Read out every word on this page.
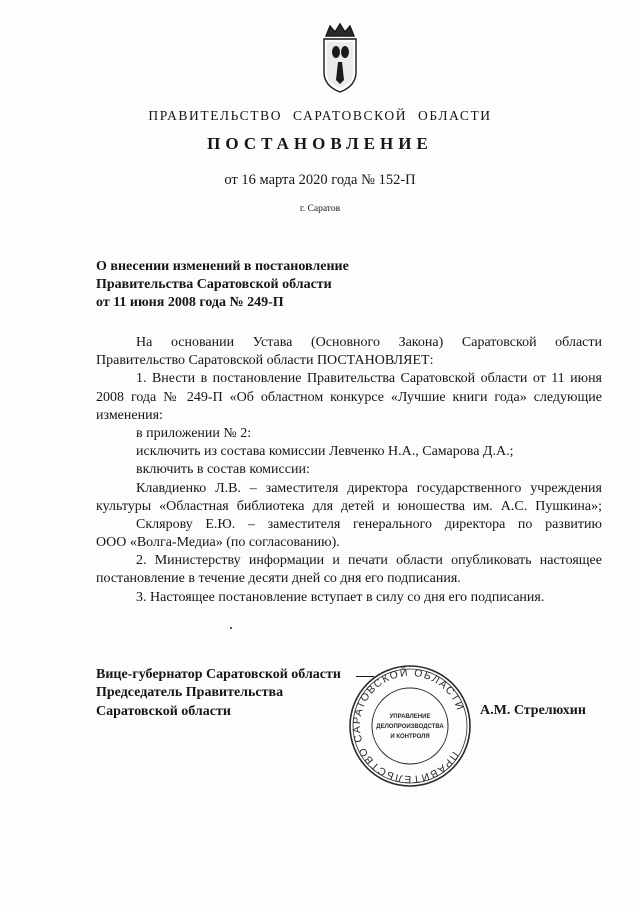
ПРАВИТЕЛЬСТВО САРАТОВСКОЙ ОБЛАСТИ
ПОСТАНОВЛЕНИЕ
от 16 марта 2020 года № 152-П
г. Саратов
О внесении изменений в постановление
Правительства Саратовской области
от 11 июня 2008 года № 249-П
На основании Устава (Основного Закона) Саратовской области
Правительство Саратовской области ПОСТАНОВЛЯЕТ:
1. Внести в постановление Правительства Саратовской области от 11 июня
2008 года № 249-П «Об областном конкурсе «Лучшие книги года» следующие
изменения:
в приложении № 2:
исключить из состава комиссии Левченко Н.А., Самарова Д.А.;
включить в состав комиссии:
Клавдиенко Л.В. – заместителя директора государственного учреждения
культуры «Областная библиотека для детей и юношества им. А.С. Пушкина»;
Склярову Е.Ю. – заместителя генерального директора по развитию
ООО «Волга-Медиа» (по согласованию).
2. Министерству информации и печати области опубликовать настоящее
постановление в течение десяти дней со дня его подписания.
3. Настоящее постановление вступает в силу со дня его подписания.
Вице-губернатор Саратовской области
Председатель Правительства
Саратовской области
ПРАВИТЕЛЬСТВО САРАТОВСКОЙ ОБЛАСТИ
УПРАВЛЕНИЕ
ДЕЛОПРОИЗВОДСТВА
И КОНТРОЛЯ
А.М. Стрелюхин
